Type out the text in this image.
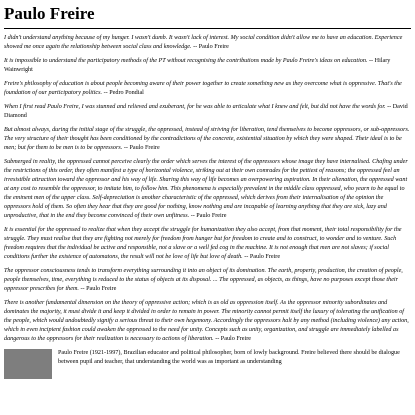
Paulo Freire

I didn't understand anything because of my hunger. I wasn't dumb. It wasn't lack of interest. My social condition didn't allow me to have an education. Experience showed me once again the relationship between social class and knowledge. -- Paulo Freire

It is impossible to understand the participatory methods of the PT without recognising the contributions made by Paulo Freire's ideas on education. -- Hilary Wainwright

Freire's philosophy of education is about people becoming aware of their power together to create something new as they overcome what is oppressive. That's the foundation of our participatory politics. -- Pedro Pondial

When I first read Paulo Freire, I was stunned and relieved and exuberant, for he was able to articulate what I knew and felt, but did not have the words for. -- David Diamond

But almost always, during the initial stage of the struggle, the oppressed, instead of striving for liberation, tend themselves to become oppressors, or sub-oppressors. The very structure of their thought has been conditioned by the contradictions of the concrete, existential situation by which they were shaped. Their ideal is to be men; but for them to be men is to be oppressors. -- Paulo Freire

Submerged in reality, the oppressed cannot perceive clearly the order which serves the interest of the oppressors whose image they have internalised. Chafing under the restrictions of this order, they often manifest a type of horizontal violence, striking out at their own comrades for the pettiest of reasons; the oppressed feel an irresistible attraction toward the oppressor and his way of life. Sharing this way of life becomes an overpowering aspiration. In their alienation, the oppressed want at any cost to resemble the oppressor, to imitate him, to follow him. This phenomena is especially prevalent in the middle class oppressed, who yearn to be equal to the eminent men of the upper class. Self-depreciation is another characteristic of the oppressed, which derives from their internalisation of the opinion the oppressors hold of them. So often they hear that they are good for nothing, know nothing and are incapable of learning anything that they are sick, lazy and unproductive, that in the end they become convinced of their own unfitness. -- Paulo Freire

It is essential for the oppressed to realize that when they accept the struggle for humanization they also accept, from that moment, their total responsibility for the struggle. They must realise that they are fighting not merely for freedom from hunger but for freedom to create and to construct, to wonder and to venture. Such freedom requires that the individual be active and responsible, not a slave or a well fed cog in the machine. It is not enough that men are not slaves; if social conditions further the existence of automatons, the result will not be love of life but love of death. -- Paulo Freire

The oppressor consciousness tends to transform everything surrounding it into an object of its domination. The earth, property, production, the creation of people, people themselves, time, everything is reduced to the status of objects at its disposal. ... The oppressed, as objects, as things, have no purposes except those their oppressor prescribes for them. -- Paulo Freire

There is another fundamental dimension on the theory of oppressive action; which is as old as oppression itself. As the oppressor minority subordinates and dominates the majority, it must divide it and keep it divided in order to remain in power. The minority cannot permit itself the luxury of tolerating the unification of the people, which would undoubtedly signify a serious threat to their own hegemony. Accordingly the oppressors halt by any method (including violence) any action, which in even incipient fashion could awaken the oppressed to the need for unity. Concepts such as unity, organization, and struggle are immediately labelled as dangerous to the oppressors for their realization is necessary to actions of liberation. -- Paulo Freire

Paulo Freire (1921-1997), Brazilian educator and political philosopher, born of lowly background. Freire believed there should be dialogue between pupil and teacher, that understanding the world was as important as understanding
